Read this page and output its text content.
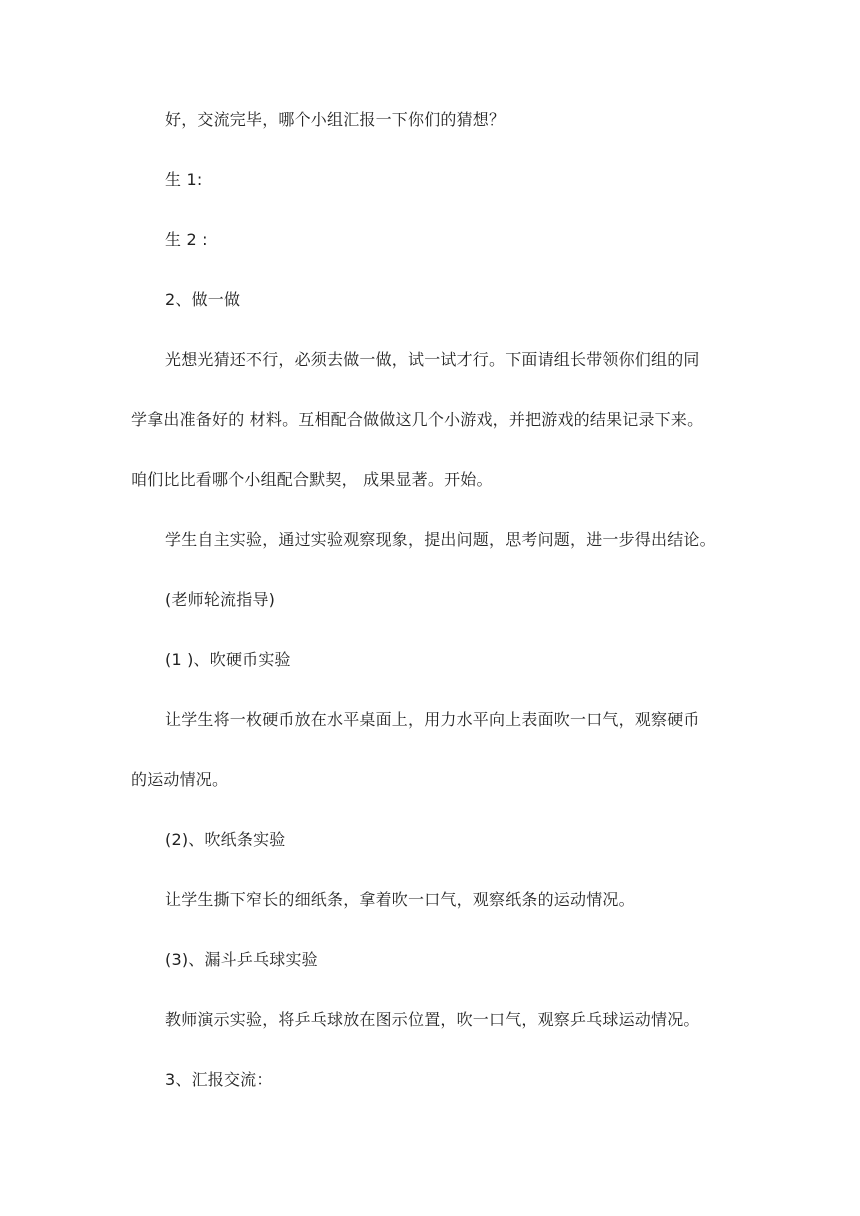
好，交流完毕，哪个小组汇报一下你们的猜想？
生 1:
生 2 :
2、做一做
光想光猜还不行，必须去做一做，试一试才行。下面请组长带领你们组的同
学拿出准备好的 材料。互相配合做做这几个小游戏，并把游戏的结果记录下来。
咱们比比看哪个小组配合默契， 成果显著。开始。
学生自主实验，通过实验观察现象，提出问题，思考问题，进一步得出结论。
(老师轮流指导)
(1 )、吹硬币实验
让学生将一枚硬币放在水平桌面上，用力水平向上表面吹一口气，观察硬币
的运动情况。
(2)、吹纸条实验
让学生撕下窄长的细纸条，拿着吹一口气，观察纸条的运动情况。
(3)、漏斗乒乓球实验
教师演示实验，将乒乓球放在图示位置，吹一口气，观察乒乓球运动情况。
3、汇报交流：
